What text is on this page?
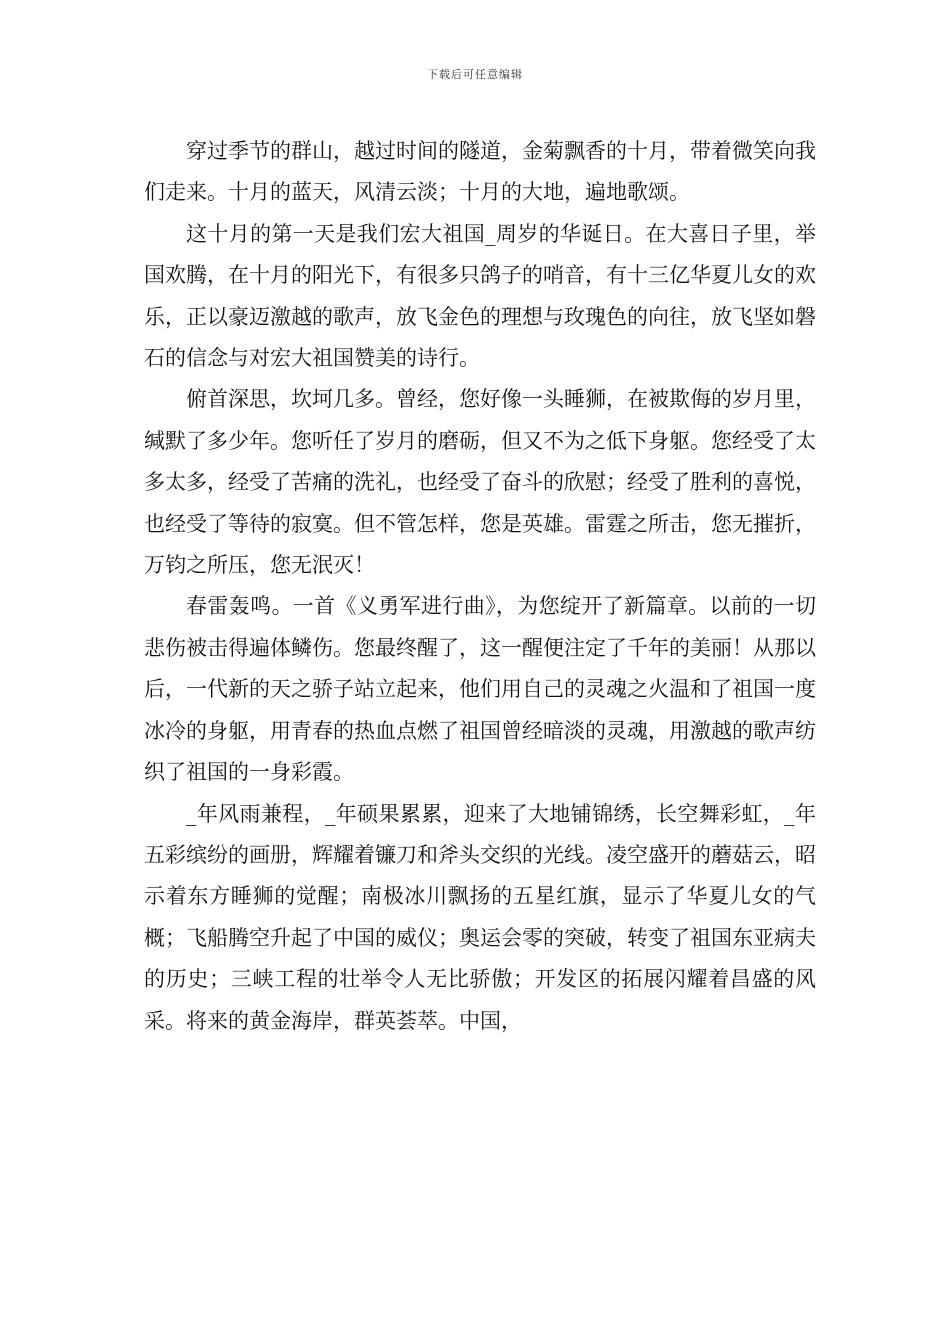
下载后可任意编辑

穿过季节的群山，越过时间的隧道，金菊飘香的十月，带着微笑向我们走来。十月的蓝天，风清云淡；十月的大地，遍地歌颂。

这十月的第一天是我们宏大祖国_周岁的华诞日。在大喜日子里，举国欢腾，在十月的阳光下，有很多只鸽子的哨音，有十三亿华夏儿女的欢乐，正以豪迈激越的歌声，放飞金色的理想与玫瑰色的向往，放飞坚如磐石的信念与对宏大祖国赞美的诗行。

俯首深思，坎坷几多。曾经，您好像一头睡狮，在被欺侮的岁月里，缄默了多少年。您听任了岁月的磨砺，但又不为之低下身躯。您经受了太多太多，经受了苦痛的洗礼，也经受了奋斗的欣慰；经受了胜利的喜悦，也经受了等待的寂寞。但不管怎样，您是英雄。雷霆之所击，您无摧折，万钧之所压，您无泯灭！

春雷轰鸣。一首《义勇军进行曲》，为您绽开了新篇章。以前的一切悲伤被击得遍体鳞伤。您最终醒了，这一醒便注定了千年的美丽！从那以后，一代新的天之骄子站立起来，他们用自己的灵魂之火温和了祖国一度冰冷的身躯，用青春的热血点燃了祖国曾经暗淡的灵魂，用激越的歌声纺织了祖国的一身彩霞。

_年风雨兼程，_年硕果累累，迎来了大地铺锦绣，长空舞彩虹，_年五彩缤纷的画册，辉耀着镰刀和斧头交织的光线。凌空盛开的蘑菇云，昭示着东方睡狮的觉醒；南极冰川飘扬的五星红旗，显示了华夏儿女的气概；飞船腾空升起了中国的威仪；奥运会零的突破，转变了祖国东亚病夫的历史；三峡工程的壮举令人无比骄傲；开发区的拓展闪耀着昌盛的风采。将来的黄金海岸，群英荟萃。中国，
